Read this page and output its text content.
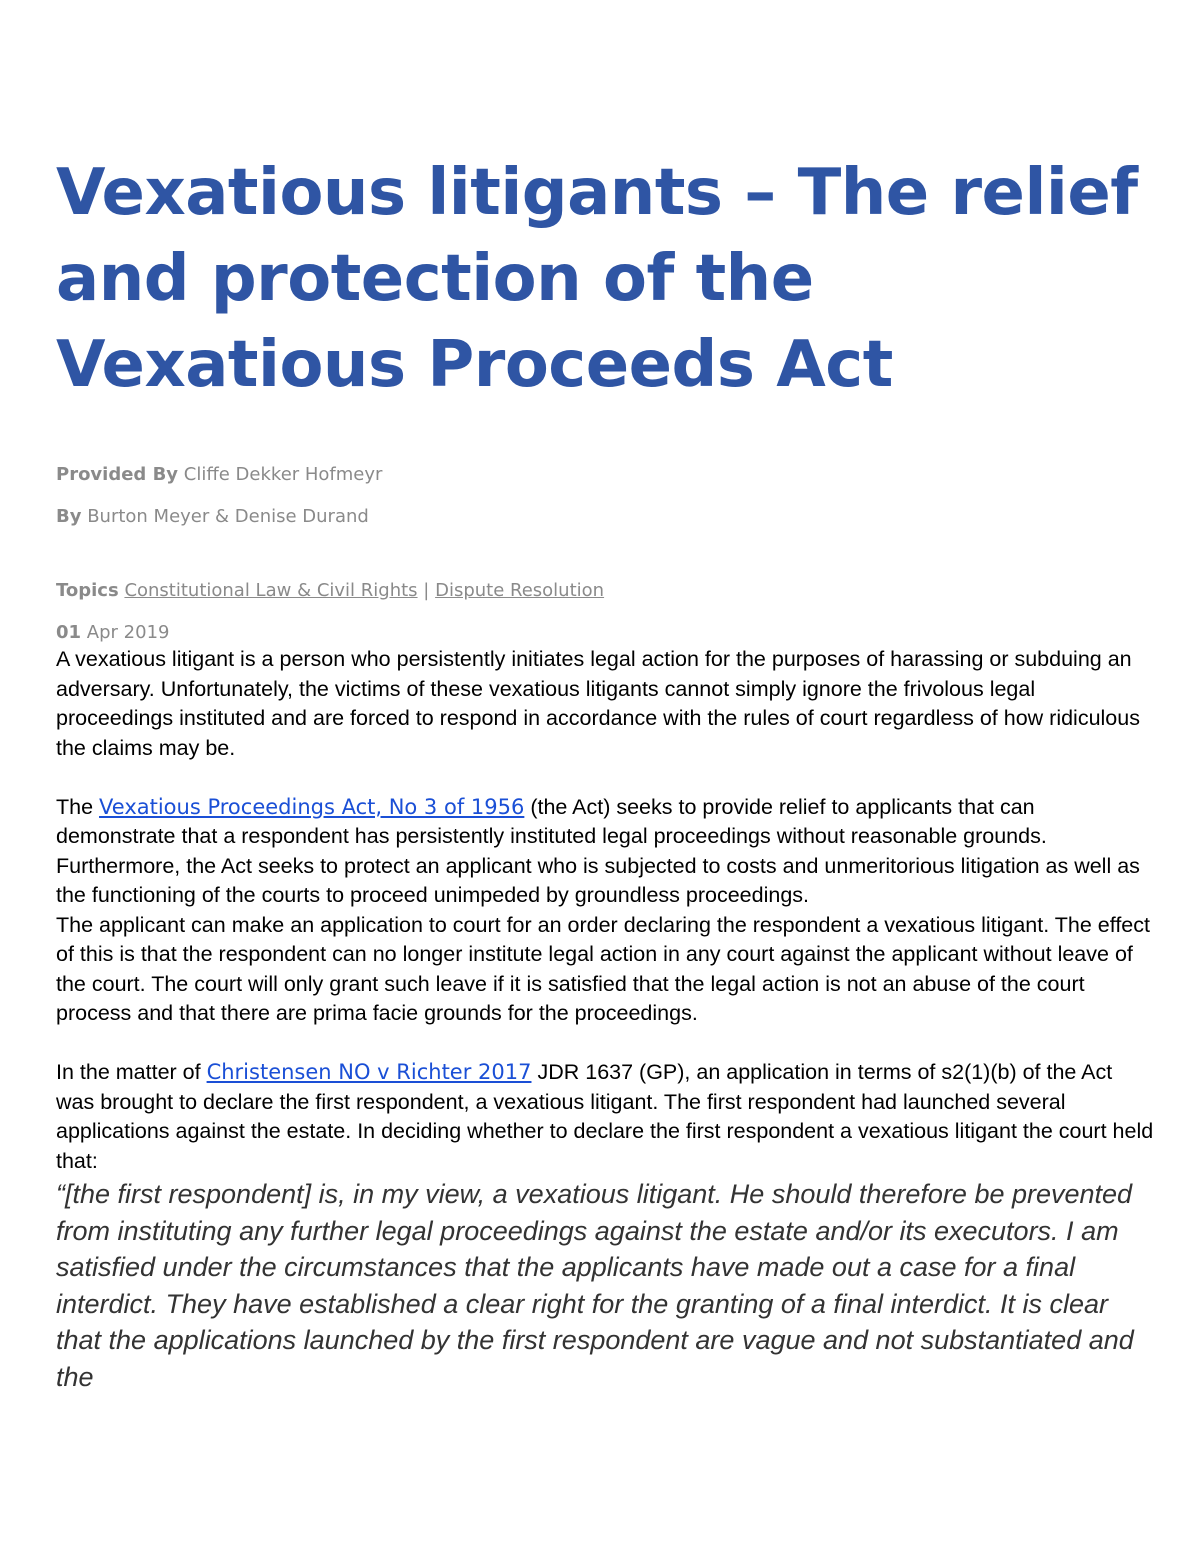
Vexatious litigants – The relief and protection of the Vexatious Proceeds Act

Provided By Cliffe Dekker Hofmeyr

By Burton Meyer & Denise Durand

Topics Constitutional Law & Civil Rights | Dispute Resolution

01 Apr 2019

A vexatious litigant is a person who persistently initiates legal action for the purposes of harassing or subduing an adversary. Unfortunately, the victims of these vexatious litigants cannot simply ignore the frivolous legal proceedings instituted and are forced to respond in accordance with the rules of court regardless of how ridiculous the claims may be.

The Vexatious Proceedings Act, No 3 of 1956 (the Act) seeks to provide relief to applicants that can demonstrate that a respondent has persistently instituted legal proceedings without reasonable grounds. Furthermore, the Act seeks to protect an applicant who is subjected to costs and unmeritorious litigation as well as the functioning of the courts to proceed unimpeded by groundless proceedings.

The applicant can make an application to court for an order declaring the respondent a vexatious litigant. The effect of this is that the respondent can no longer institute legal action in any court against the applicant without leave of the court. The court will only grant such leave if it is satisfied that the legal action is not an abuse of the court process and that there are prima facie grounds for the proceedings.

In the matter of Christensen NO v Richter 2017 JDR 1637 (GP), an application in terms of s2(1)(b) of the Act was brought to declare the first respondent, a vexatious litigant. The first respondent had launched several applications against the estate. In deciding whether to declare the first respondent a vexatious litigant the court held that:

“[the first respondent] is, in my view, a vexatious litigant. He should therefore be prevented from instituting any further legal proceedings against the estate and/or its executors. I am satisfied under the circumstances that the applicants have made out a case for a final interdict. They have established a clear right for the granting of a final interdict. It is clear that the applications launched by the first respondent are vague and not substantiated and the
